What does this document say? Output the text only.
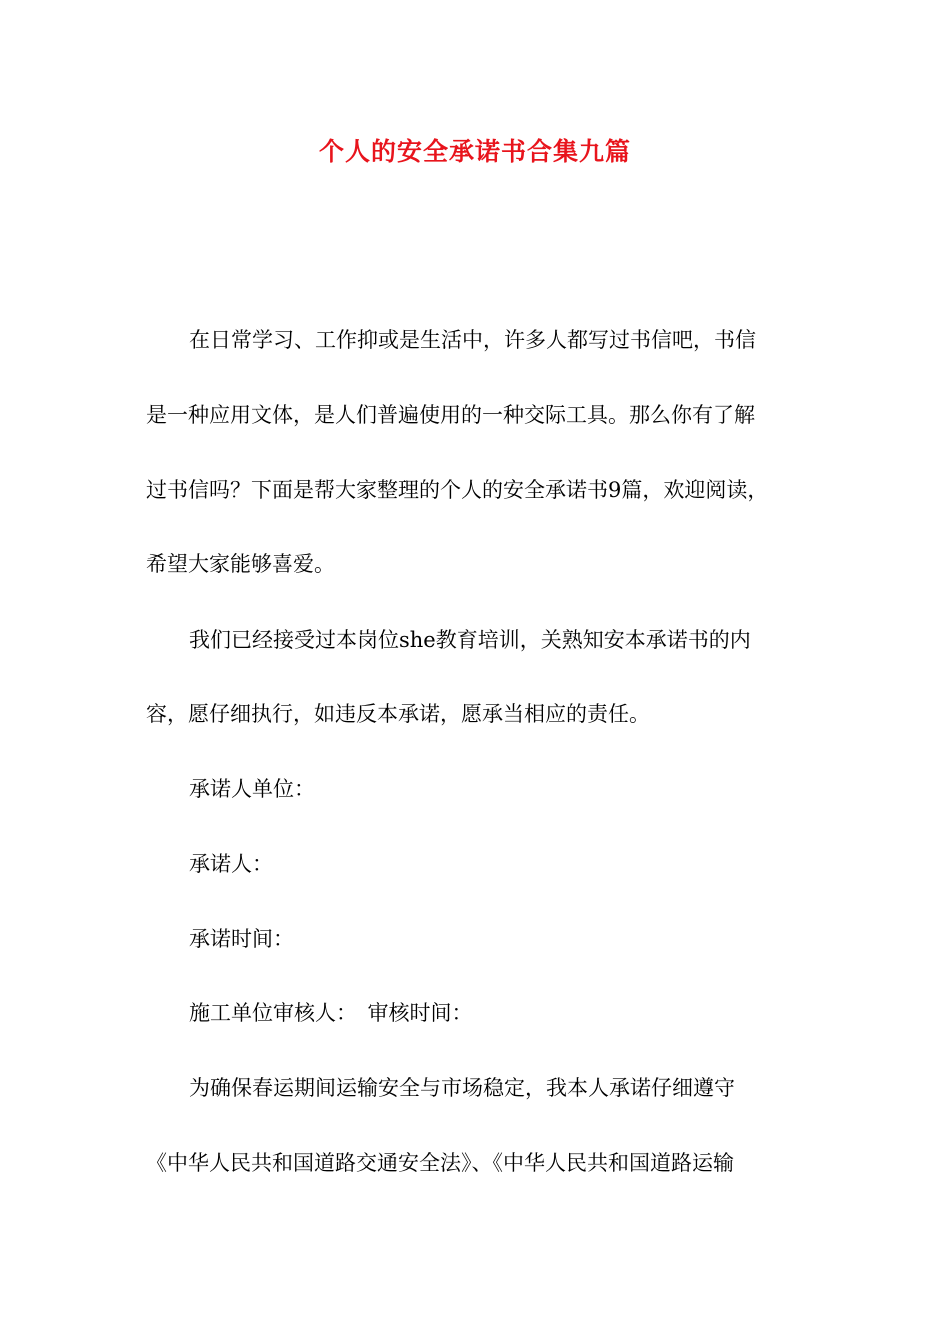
个人的安全承诺书合集九篇
在日常学习、工作抑或是生活中，许多人都写过书信吧，书信
是一种应用文体，是人们普遍使用的一种交际工具。那么你有了解
过书信吗？下面是帮大家整理的个人的安全承诺书9篇，欢迎阅读，
希望大家能够喜爱。
我们已经接受过本岗位she教育培训，关熟知安本承诺书的内
容，愿仔细执行，如违反本承诺，愿承当相应的责任。
承诺人单位：
承诺人：
承诺时间：
施工单位审核人：　审核时间：
为确保春运期间运输安全与市场稳定，我本人承诺仔细遵守
《中华人民共和国道路交通安全法》、《中华人民共和国道路运输
